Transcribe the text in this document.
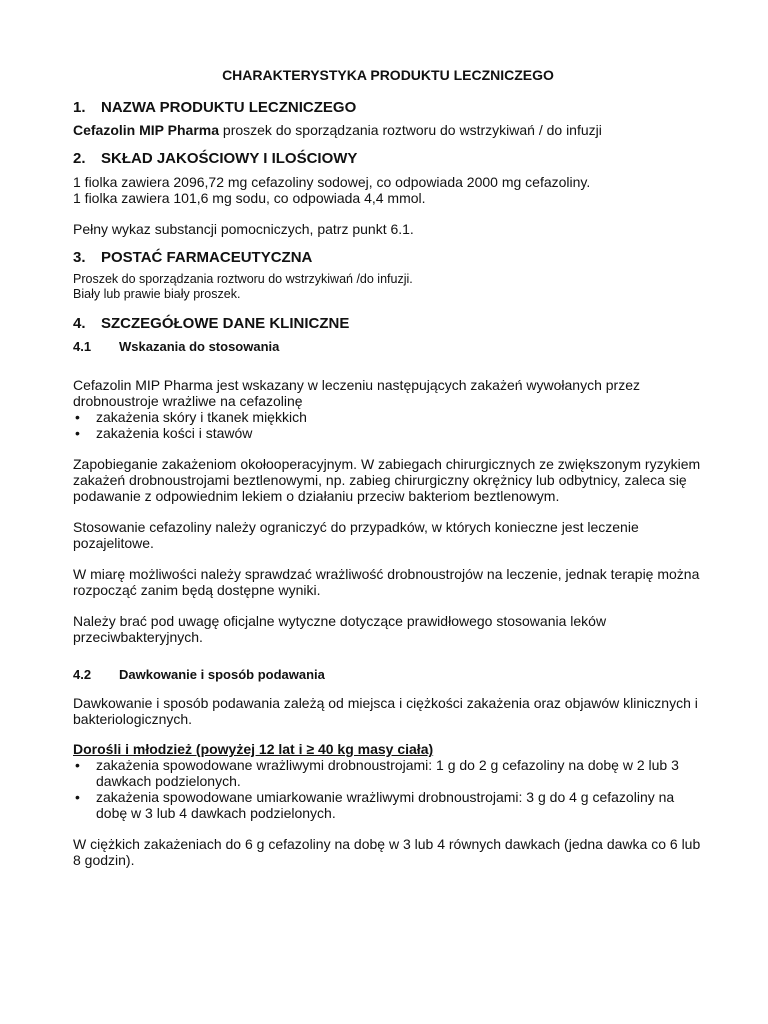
CHARAKTERYSTYKA PRODUKTU LECZNICZEGO
1.	NAZWA PRODUKTU LECZNICZEGO

Cefazolin MIP Pharma proszek do sporządzania roztworu do wstrzykiwań / do infuzji

2.	SKŁAD JAKOŚCIOWY I ILOŚCIOWY

1 fiolka zawiera 2096,72 mg cefazoliny sodowej, co odpowiada 2000 mg cefazoliny.

1 fiolka zawiera 101,6 mg sodu, co odpowiada 4,4 mmol.

Pełny wykaz substancji pomocniczych, patrz punkt 6.1.

3.	POSTAĆ FARMACEUTYCZNA

Proszek do sporządzania roztworu do wstrzykiwań /do infuzji.

Biały lub prawie biały proszek.

4.	SZCZEGÓŁOWE DANE KLINICZNE
4.1	Wskazania do stosowania

Cefazolin MIP Pharma jest wskazany w leczeniu następujących zakażeń wywołanych przez drobnoustroje wrażliwe na cefazolinę

• zakażenia skóry i tkanek miękkich
• zakażenia kości i stawów

Zapobieganie zakażeniom okołooperacyjnym. W zabiegach chirurgicznych ze zwiększonym ryzykiem zakażeń drobnoustrojami beztlenowymi, np. zabieg chirurgiczny okrężnicy lub odbytnicy, zaleca się podawanie z odpowiednim lekiem o działaniu przeciw bakteriom beztlenowym.

Stosowanie cefazoliny należy ograniczyć do przypadków, w których konieczne jest leczenie pozajelitowe.

W miarę możliwości należy sprawdzać wrażliwość drobnoustrojów na leczenie, jednak terapię można rozpocząć zanim będą dostępne wyniki.

Należy brać pod uwagę oficjalne wytyczne dotyczące prawidłowego stosowania leków przeciwbakteryjnych.

4.2	Dawkowanie i sposób podawania

Dawkowanie i sposób podawania zależą od miejsca i ciężkości zakażenia oraz objawów klinicznych i bakteriologicznych.

Dorośli i młodzież (powyżej 12 lat i ≥ 40 kg masy ciała)

• zakażenia spowodowane wrażliwymi drobnoustrojami: 1 g do 2 g cefazoliny na dobę w 2 lub 3 dawkach podzielonych.
• zakażenia spowodowane umiarkowanie wrażliwymi drobnoustrojami: 3 g do 4 g cefazoliny na dobę w 3 lub 4 dawkach podzielonych.

W ciężkich zakażeniach do 6 g cefazoliny na dobę w 3 lub 4 równych dawkach (jedna dawka co 6 lub 8 godzin).
